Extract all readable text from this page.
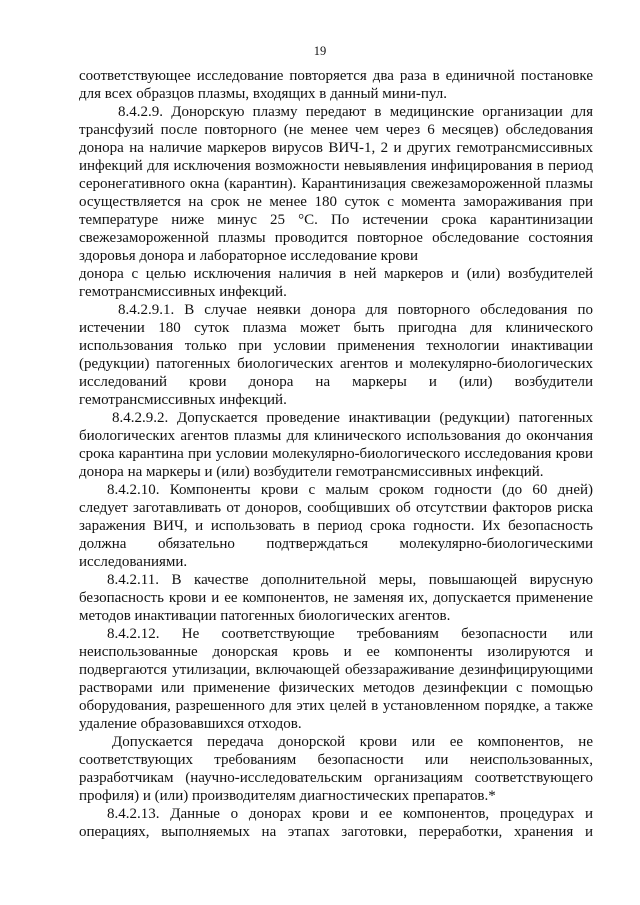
19
соответствующее исследование повторяется два раза в единичной постановке
для всех образцов плазмы, входящих в данный мини-пул.
8.4.2.9. Донорскую плазму передают в медицинские организации для
трансфузий после повторного (не менее чем через 6 месяцев) обследования
донора на наличие маркеров вирусов ВИЧ-1, 2 и других гемотрансмиссивных
инфекций для исключения возможности невыявления инфицирования в период
серонегативного окна (карантин). Карантинизация свежезамороженной плазмы
осуществляется на срок не менее 180 суток с момента замораживания при
температуре ниже минус 25 °С. По истечении срока карантинизации
свежезамороженной плазмы проводится повторное обследование состояния
здоровья донора и лабораторное исследование крови
донора с целью исключения наличия в ней маркеров и (или) возбудителей
гемотрансмиссивных инфекций.
8.4.2.9.1. В случае неявки донора для повторного обследования по
истечении 180 суток плазма может быть пригодна для клинического
использования только при условии применения технологии инактивации
(редукции) патогенных биологических агентов и молекулярно-биологических
исследований крови донора на маркеры и (или) возбудители
гемотрансмиссивных инфекций.
8.4.2.9.2. Допускается проведение инактивации (редукции) патогенных
биологических агентов плазмы для клинического использования до окончания
срока карантина при условии молекулярно-биологического исследования крови
донора на маркеры и (или) возбудители гемотрансмиссивных инфекций.
8.4.2.10. Компоненты крови с малым сроком годности (до 60 дней)
следует заготавливать от доноров, сообщивших об отсутствии факторов риска
заражения ВИЧ, и использовать в период срока годности. Их безопасность
должна обязательно подтверждаться молекулярно-биологическими
исследованиями.
8.4.2.11. В качестве дополнительной меры, повышающей вирусную
безопасность крови и ее компонентов, не заменяя их, допускается применение
методов инактивации патогенных биологических агентов.
8.4.2.12. Не соответствующие требованиям безопасности или
неиспользованные донорская кровь и ее компоненты изолируются и
подвергаются утилизации, включающей обеззараживание дезинфицирующими
растворами или применение физических методов дезинфекции с помощью
оборудования, разрешенного для этих целей в установленном порядке, а также
удаление образовавшихся отходов.
Допускается передача донорской крови или ее компонентов, не
соответствующих требованиям безопасности или неиспользованных,
разработчикам (научно-исследовательским организациям соответствующего
профиля) и (или) производителям диагностических препаратов.*
8.4.2.13. Данные о донорах крови и ее компонентов, процедурах и
операциях, выполняемых на этапах заготовки, переработки, хранения и
